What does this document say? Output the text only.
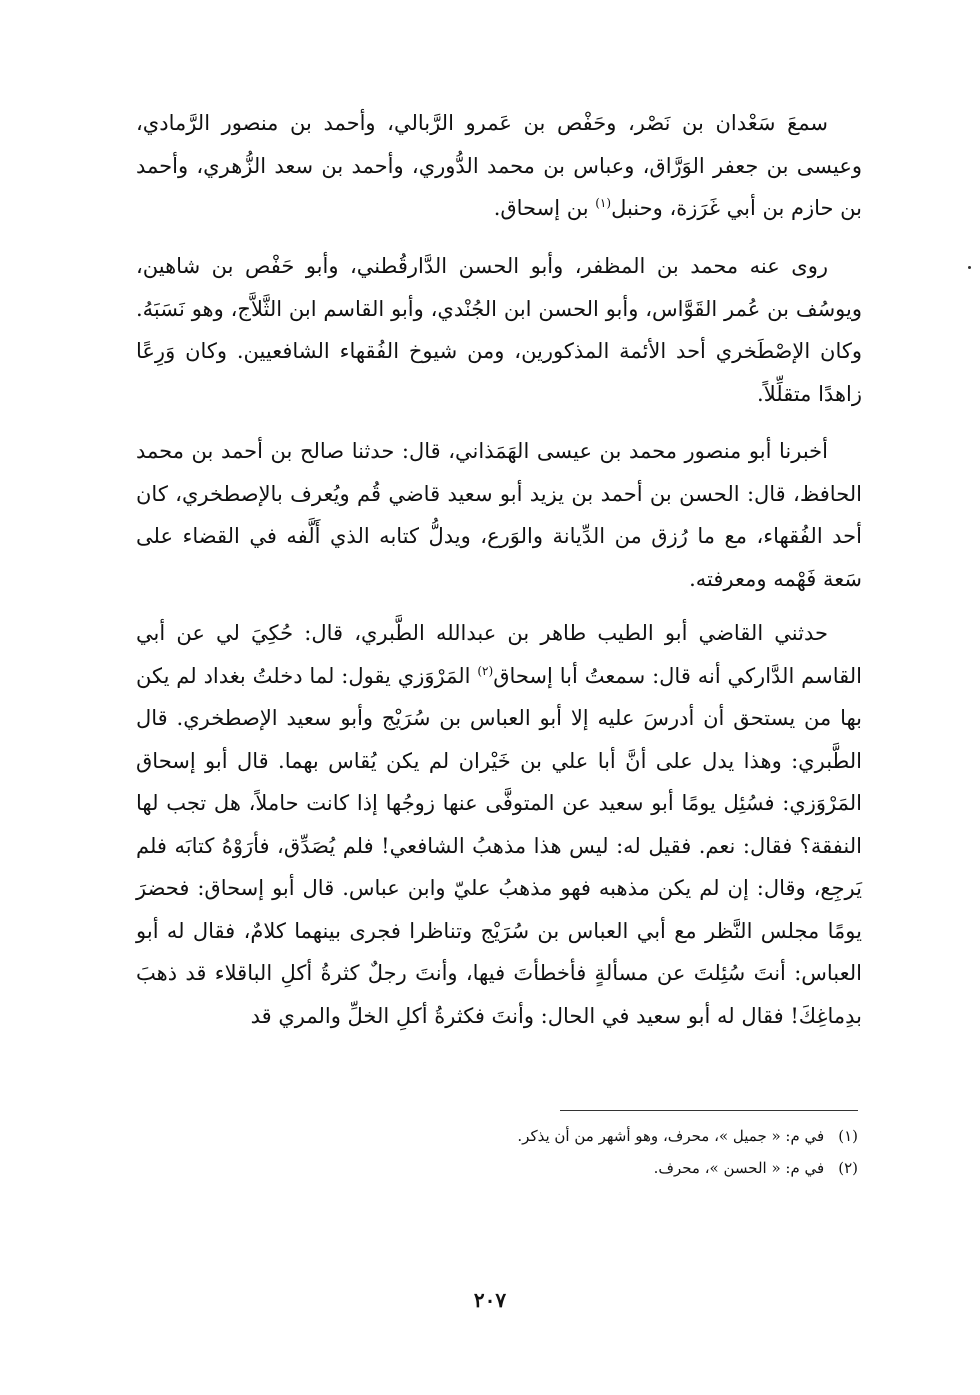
سمعَ سَعْدان بن نَصْر، وحَفْص بن عَمرو الرَّبالي، وأحمد بن منصور الرَّمادي، وعيسى بن جعفر الوَرَّاق، وعباس بن محمد الدُّوري، وأحمد بن سعد الزُّهري، وأحمد بن حازم بن أبي غَرَزة، وحنبل$^{(١)}$ بن إسحاق.
روى عنه محمد بن المظفر، وأبو الحسن الدَّارقُطني، وأبو حَفْص بن شاهين، ويوسُف بن عُمر القَوَّاس، وأبو الحسن ابن الجُنْدي، وأبو القاسم ابن الثَّلاَّج، وهو نَسَبَهُ. وكان الإصْطَخري أحد الأئمة المذكورين، ومن شيوخ الفُقهاء الشافعيين. وكان وَرِعًا زاهدًا متقلِّلاً.
أخبرنا أبو منصور محمد بن عيسى الهَمَذاني، قال: حدثنا صالح بن أحمد بن محمد الحافظ، قال: الحسن بن أحمد بن يزيد أبو سعيد قاضي قُم ويُعرف بالإصطخري، كان أحد الفُقهاء، مع ما رُزق من الدِّيانة والوَرع، ويدلُّ كتابه الذي أَلَّفه في القضاء على سَعة فَهْمه ومعرفته.
حدثني القاضي أبو الطيب طاهر بن عبدالله الطَّبري، قال: حُكِيَ لي عن أبي القاسم الدَّاركي أنه قال: سمعتُ أبا إسحاق$^{(٢)}$ المَرْوَزي يقول: لما دخلتُ بغداد لم يكن بها من يستحق أن أدرسَ عليه إلا أبو العباس بن سُرَيْج وأبو سعيد الإصطخري. قال الطَّبري: وهذا يدل على أنَّ أبا علي بن خَيْران لم يكن يُقاس بهما. قال أبو إسحاق المَرْوَزي: فسُئِل يومًا أبو سعيد عن المتوفَّى عنها زوجُها إذا كانت حاملاً، هل تجب لها النفقة؟ فقال: نعم. فقيل له: ليس هذا مذهبُ الشافعي! فلم يُصَدِّق، فأرَوْهُ كتابَه فلم يَرجِع، وقال: إن لم يكن مذهبه فهو مذهبُ عليّ وابن عباس. قال أبو إسحاق: فحضرَ يومًا مجلس النَّظر مع أبي العباس بن سُرَيْج وتناظرا فجرى بينهما كلامٌ، فقال له أبو العباس: أنتَ سُئِلتَ عن مسألةٍ فأخطأتَ فيها، وأنتَ رجلٌ كثرةُ أكلِ الباقلاء قد ذهبَ بدِماغِكَ! فقال له أبو سعيد في الحال: وأنتَ فكثرةُ أكلِ الخلِّ والمري قد

(١)في م: « جميل »، محرف، وهو أشهر من أن يذكر.

(٢)في م: « الحسن »، محرف.

٢٠٧
